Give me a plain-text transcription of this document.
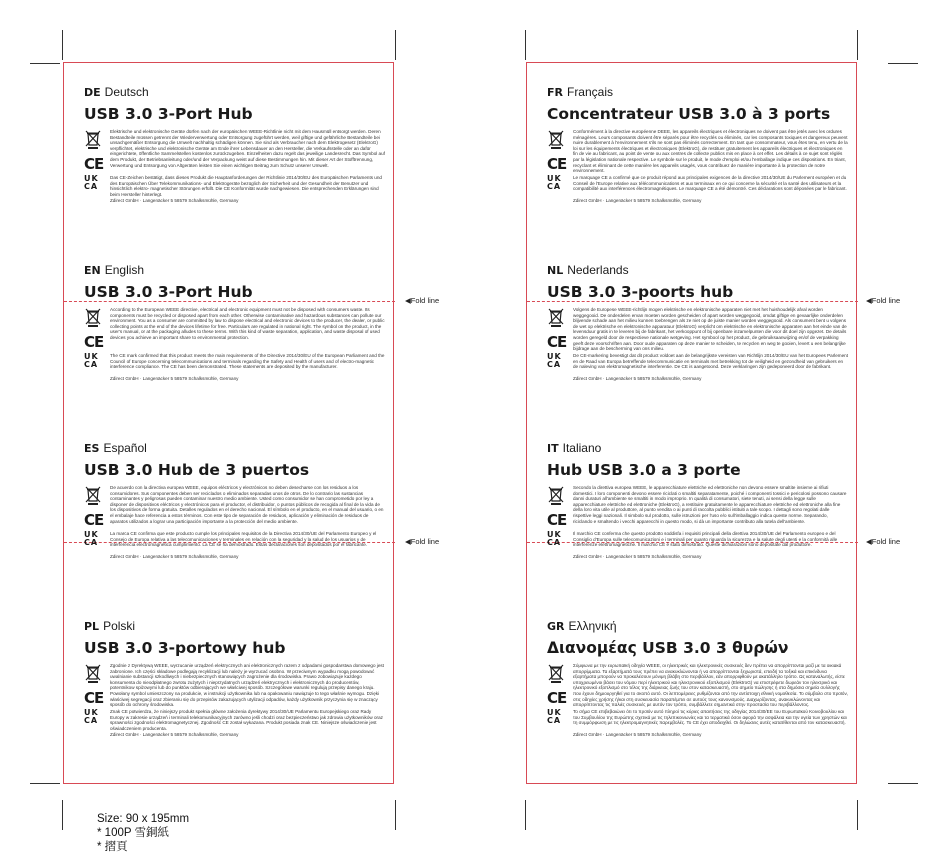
DE Deutsch
USB 3.0 3-Port Hub
CE
UK
CA
Elektrische und elektronische Geräte dürfen nach der europäischen WEEE-Richtlinie nicht mit dem Hausmüll entsorgt werden. Deren Bestandteile müssen getrennt der Wiederverwertung oder Entsorgung zugeführt werden, weil giftige und gefährliche Bestandteile bei unsachgemäßer Entsorgung die Umwelt nachhaltig schädigen können. Sie sind als Verbraucher nach dem Elektrogesetz (ElektroG) verpflichtet, elektrische und elektronische Geräte am Ende ihrer Lebensdauer an den Hersteller, die Verkaufsstelle oder an dafür eingerichtete, öffentliche Sammelstellen kostenlos zurückzugeben. Einzelheiten dazu regelt das jeweilige Landesrecht. Das Symbol auf dem Produkt, der Betriebsanleitung oder/und der Verpackung weist auf diese Bestimmungen hin. Mit dieser Art der Stofftrennung, Verwertung und Entsorgung von Altgeräten leisten Sie einen wichtigen Beitrag zum Schutz unserer Umwelt.
Das CE-Zeichen bestätigt, dass dieses Produkt die Hauptanforderungen der Richtlinie 2014/30/EU des Europäischen Parlaments und des Europäischen Über Telekommunikations- und Elektrogeräte bezüglich der Sicherheit und der Gesundheit der Benutzer und hinsichtlich elektro- magnetischer Störungen erfüllt. Die CE Konformität wurde nachgewiesen. Die entsprechenden Erklärungen sind beim Hersteller hinterlegt.
Zdirect GmbH · Langenäcker 5 58579 Schalksmühle, Germany
EN English
USB 3.0 3-Port Hub
CE
UK
CA
According to the European WEEE directive, electrical and electronic equipment must not be disposed with consumers waste. Its components must be recycled or disposed apart from each other. Otherwise contaminative and hazardous substances can pollute our environment. You as a consumer are committed by law to dispose electrical and electronic devices to the producer, the dealer, or public collecting points at the end of the devices lifetime for free. Particulars are regulated in national right. The symbol on the product, in the user's manual, or at the packaging alludes to these terms. With this kind of waste separation, application, and waste disposal of used devices you achieve an important share to environmental protection.
The CE mark confirmed that this product meets the main requirements of the Directive 2014/30/EU of the European Parliament and the Council of Europe concerning telecommunications and terminals regarding the Safety and Health of users and of electro-magnetic interference compliance. The CE has been demonstrated. These statements are deposited by the manufacturer.
Zdirect GmbH · Langenäcker 5 58579 Schalksmühle, Germany
ES Español
USB 3.0 Hub de 3 puertos
CE
UK
CA
De acuerdo con la directiva europea WEEE, equipos eléctricos y electrónicos no deben desecharse con los residuos a los consumidores. Sus componentes deben ser reciclados o eliminados separadas unos de otros. De lo contrario las sustancias contaminantes y peligrosas pueden contaminar nuestro medio ambiente. Usted como consumidor se han comprometido por ley a disponer de dispositivos eléctricos y electrónicos para el productor, el distribuidor, o puntos públicos de recogida al final de la vida de los dispositivos de forma gratuita. Detalles regulados en el derecho nacional. El símbolo en el producto, en el manual del usuario, o en el embalaje hace referencia a estos términos. Con este tipo de separación de residuos, aplicación y eliminación de residuos de aparatos utilizados a lograr una participación importante a la protección del medio ambiente.
La marca CE confirma que este producto cumple los principales requisitos de la Directiva 2014/30/UE del Parlamento Europeo y el Consejo de Europa relativa a las telecomunicaciones y terminales en relación con la seguridad y la salud de los usuarios y de interferencia electromagnética cumplimiento. La CE se ha demostrado. Estas declaraciones son depositados por el fabricante.
Zdirect GmbH · Langenäcker 5 58579 Schalksmühle, Germany
PL Polski
USB 3.0 3-portowy hub
CE
UK
CA
Zgodnie z Dyrektywą WEEE, wyrzucanie urządzeń elektrycznych ani elektronicznych razem z odpadami gospodarstwa domowego jest zabronione. Ich części składowe podlegają recyklizacji lub należy je wyrzucać osobno. W przeciwnym wypadku mogą powodować uwalnianie substancji szkodliwych i niebezpiecznych stanowiących zagrożenie dla środowiska. Prawo zobowiązuje każdego konsumenta do nieodpłatnego zwrotu zużytych i nieprzydatnych urządzeń elektrycznych i elektronicznych do producentów, potentnikow spiżowymi lub do punktów odbierających we właściwej sposób. Szczegółowe warunki regulują przepisy danego kraju. Powołany symbol umieszczony na produkcie, w instrukcji użytkownika lub na opakowaniu nawiązuje to tego właśnie wymogu. Dzięki właściwej segregacji oraz zbieraniu się do przepisów zakazujących utylizacji odpadów, każdy użytkownik przyczynia się w znaczący sposób do ochrony środowiska.
Znak CE potwierdza, że niniejszy produkt spełnia główne założenia dyrektywy 2014/30/UE Parlamentu Europejskiego oraz Rady Europy w zakresie urządzeń i terminali telekomunikacyjnych zarówno jeśli chodzi oraz bezpieczeństwo jak zdrowia użytkowników oraz sprawności zgodności elektromagnetycznej. Zgodność CE został wykazana. Produkt posiada znak CE. Niniejsze oświadczenie jest oświadczeniem producenta.
Zdirect GmbH · Langenäcker 5 58579 Schalksmühle, Germany
◀Fold line
◀Fold line
FR Français
Concentrateur USB 3.0 à 3 ports
CE
UK
CA
Conformément à la directive européenne DEEE, les appareils électriques et électroniques ne doivent pas être jetés avec les ordures ménagères. Leurs composants doivent être séparés pour être recyclés ou éliminés, car les composants toxiques et dangereux peuvent nuire durablement à l'environnement s'ils ne sont pas éliminés correctement. En tant que consommateur, vous êtes tenu, en vertu de la loi sur les équipements électriques et électroniques (ElektroG), de restituer gratuitement les appareils électriques et électroniques en fin de vie au fabricant, au point de vente ou aux centres de collecte publics mis en place à cet effet. Les détails à ce sujet sont réglés par la législation nationale respective. Le symbole sur le produit, le mode d'emploi et/ou l'emballage indique ces dispositions. En triant, recyclant et éliminant de cette manière les appareils usagés, vous contribuez de manière importante à la protection de notre environnement.
Le marquage CE a confirmé que ce produit répond aux principales exigences de la directive 2014/30/UE du Parlement européen et du Conseil de l'Europe relative aux télécommunications et aux terminaux en ce qui concerne la sécurité et la santé des utilisateurs et la compatibilité aux interférences électromagnétiques. Le marquage CE a été démontré. Ces déclarations sont déposées par le fabricant.
Zdirect GmbH · Langenäcker 5 58579 Schalksmühle, Germany
NL Nederlands
USB 3.0 3-poorts hub
CE
UK
CA
Volgens de Europese WEEE-richtlijn mogen elektrische en elektronische apparaten niet met het huishoudelijk afval worden weggegooid. De onderdelen ervan moeten worden gescheiden of apart worden weggegooid, omdat giftige en gevaarlijke onderdelen blijvende schade aan het milieu kunnen toebrengen als ze niet op de juiste manier worden weggegooid. Als consument bent u volgens de wet op elektrische en elektronische apparatuur (ElektroG) verplicht om elektrische en elektronische apparaten aan het einde van de levensduur gratis in te leveren bij de fabrikant, het verkooppunt of bij openbare inzamelpunten die voor dit doel zijn opgezet. De details worden geregeld door de respectieve nationale wetgeving. Het symbool op het product, de gebruiksaanwijzing en/of de verpakking geeft deze voorschriften aan. Door oude apparaten op deze manier te scheiden, te recyclen en weg te gooien, levert u een belangrijke bijdrage aan de bescherming van ons milieu.
De CE-markering bevestigt dat dit product voldoet aan de belangrijkste vereisten van Richtlijn 2014/30/EU van het Europees Parlement en de Raad van Europa betreffende telecommunicatie en terminals met betrekking tot de veiligheid en gezondheid van gebruikers en de naleving van elektromagnetische interferentie. De CE is aangetoond. Deze verklaringen zijn gedeponeerd door de fabrikant.
Zdirect GmbH · Langenäcker 5 58579 Schalksmühle, Germany
IT Italiano
Hub USB 3.0 a 3 porte
CE
UK
CA
Secondo la direttiva europea WEEE, le apparecchiature elettriche ed elettroniche non devono essere smaltite insieme ai rifiuti domestici. I loro componenti devono essere riciclati o smaltiti separatamente, poiché i componenti tossici e pericolosi possono causare danni duraturi all'ambiente se smaltiti in modo improprio. In qualità di consumatori, siete tenuti, ai sensi della legge sulle apparecchiature elettriche ed elettroniche (ElektroG), a restituire gratuitamente le apparecchiature elettriche ed elettroniche alla fine della loro vita utile al produttore, al punto vendita o ai punti di raccolta pubblici istituiti a tale scopo. I dettagli sono regolati dalle rispettive leggi nazionali. Il simbolo sul prodotto, sulle istruzioni per l'uso e/o sull'imballaggio indica queste norme. Separando, riciclando e smaltendo i vecchi apparecchi in questo modo, si dà un importante contributo alla tutela dell'ambiente.
Il marchio CE conferma che questo prodotto soddisfa i requisiti principali della direttiva 2014/30/UE del Parlamento europeo e del Consiglio d'Europa sulle telecomunicazioni e i terminali per quanto riguarda la sicurezza e la salute degli utenti e la conformità alle interferenze elettromagnetiche. Il marchio CE è stato dimostrato. Queste dichiarazioni sono depositate dal produttore.
Zdirect GmbH · Langenäcker 5 58579 Schalksmühle, Germany
GR Ελληνική
Διανομέας USB 3.0 3 θυρών
CE
UK
CA
Σύμφωνα με την ευρωπαϊκή οδηγία WEEE, οι ηλεκτρικές και ηλεκτρονικές συσκευές δεν πρέπει να απορρίπτονται μαζί με τα οικιακά απορρίμματα. Τα εξαρτήματά τους πρέπει να ανακυκλώνονται ή να απορρίπτονται ξεχωριστά, επειδή τα τοξικά και επικίνδυνα εξαρτήματα μπορούν να προκαλέσουν μόνιμη βλάβη στο περιβάλλον, εάν απορριφθούν με ακατάλληλο τρόπο. Ως καταναλωτής, είστε υποχρεωμένοι βάσει του νόμου περί ηλεκτρικού και ηλεκτρονικού εξοπλισμού (ElektroG) να επιστρέφετε δωρεάν τον ηλεκτρικό και ηλεκτρονικό εξοπλισμό στο τέλος της διάρκειας ζωής του στον κατασκευαστή, στο σημείο πώλησης ή στα δημόσια σημεία συλλογής που έχουν δημιουργηθεί για το σκοπό αυτό. Οι λεπτομέρειες ρυθμίζονται από την αντίστοιχη εθνική νομοθεσία. Το σύμβολο στο προϊόν, στις οδηγίες χρήσης ή/και στη συσκευασία παραπέμπει σε αυτούς τους κανονισμούς. Διαχωρίζοντας, ανακυκλώνοντας και απορρίπτοντας τις παλιές συσκευές με αυτόν τον τρόπο, συμβάλλετε σημαντικά στην προστασία του περιβάλλοντος.
Το σήμα CE επιβεβαιώνει ότι το προϊόν αυτό πληροί τις κύριες απαιτήσεις της οδηγίας 2014/30/ΕΕ του Ευρωπαϊκού Κοινοβουλίου και του Συμβουλίου της Ευρώπης σχετικά με τις τηλεπικοινωνίες και τα τερματικά όσον αφορά την ασφάλεια και την υγεία των χρηστών και τη συμμόρφωση με τις ηλεκτρομαγνητικές παρεμβολές. Το CE έχει αποδειχθεί. Οι δηλώσεις αυτές κατατίθενται από τον κατασκευαστή.
Zdirect GmbH · Langenäcker 5 58579 Schalksmühle, Germany
◀Fold line
◀Fold line
Size: 90 x 195mm
* 100P 雪銅紙
* 摺頁
